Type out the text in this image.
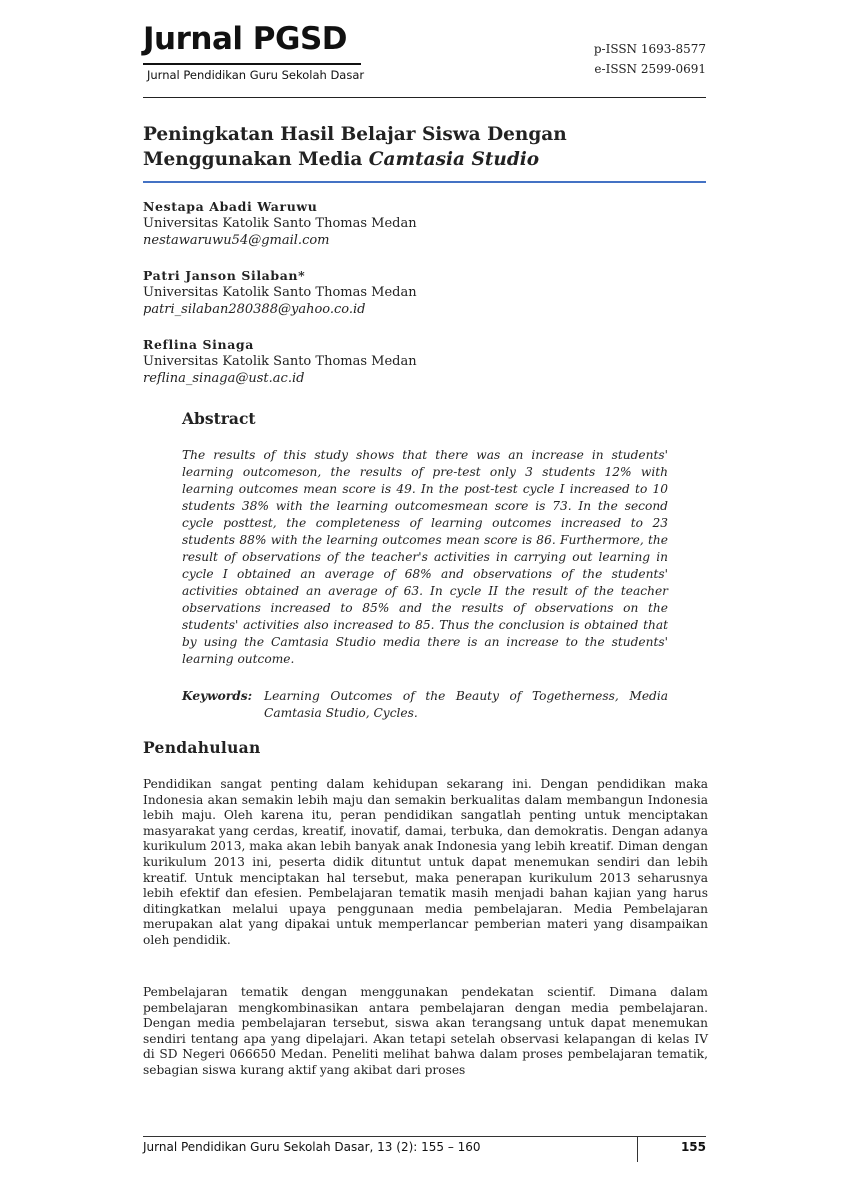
Jurnal PGSD
Jurnal Pendidikan Guru Sekolah Dasar
p-ISSN 1693-8577
e-ISSN 2599-0691
Peningkatan Hasil Belajar Siswa Dengan
Menggunakan Media Camtasia Studio
Nestapa Abadi Waruwu
Universitas Katolik Santo Thomas Medan
nestawaruwu54@gmail.com
Patri Janson Silaban*
Universitas Katolik Santo Thomas Medan
patri_silaban280388@yahoo.co.id
Reflina Sinaga
Universitas Katolik Santo Thomas Medan
reflina_sinaga@ust.ac.id
Abstract
The results of this study shows that there was an increase in students' learning outcomeson, the results of pre-test only 3 students 12% with learning outcomes mean score is 49. In the post-test cycle I increased to 10 students 38% with the learning outcomesmean score is 73. In the second cycle posttest, the completeness of learning outcomes increased to 23 students 88% with the learning outcomes mean score is 86. Furthermore, the result of observations of the teacher's activities in carrying out learning in cycle I obtained an average of 68% and observations of the students' activities obtained an average of 63. In cycle II the result of the teacher observations increased to 85% and the results of observations on the students' activities also increased to 85. Thus the conclusion is obtained that by using the Camtasia Studio media there is an increase to the students' learning outcome.
Keywords: Learning Outcomes of the Beauty of Togetherness, Media Camtasia Studio, Cycles.
Pendahuluan
Pendidikan sangat penting dalam kehidupan sekarang ini. Dengan pendidikan maka Indonesia akan semakin lebih maju dan semakin berkualitas dalam membangun Indonesia lebih maju. Oleh karena itu, peran pendidikan sangatlah penting untuk menciptakan masyarakat yang cerdas, kreatif, inovatif, damai, terbuka, dan demokratis. Dengan adanya kurikulum 2013, maka akan lebih banyak anak Indonesia yang lebih kreatif. Diman dengan kurikulum 2013 ini, peserta didik dituntut untuk dapat menemukan sendiri dan lebih kreatif. Untuk menciptakan hal tersebut, maka penerapan kurikulum 2013 seharusnya lebih efektif dan efesien. Pembelajaran tematik masih menjadi bahan kajian yang harus ditingkatkan melalui upaya penggunaan media pembelajaran. Media Pembelajaran merupakan alat yang dipakai untuk memperlancar pemberian materi yang disampaikan oleh pendidik.
Pembelajaran tematik dengan menggunakan pendekatan scientif. Dimana dalam pembelajaran mengkombinasikan antara pembelajaran dengan media pembelajaran. Dengan media pembelajaran tersebut, siswa akan terangsang untuk dapat menemukan sendiri tentang apa yang dipelajari. Akan tetapi setelah observasi kelapangan di kelas IV di SD Negeri 066650 Medan. Peneliti melihat bahwa dalam proses pembelajaran tematik, sebagian siswa kurang aktif yang akibat dari proses
Jurnal Pendidikan Guru Sekolah Dasar, 13 (2): 155 – 160	155
